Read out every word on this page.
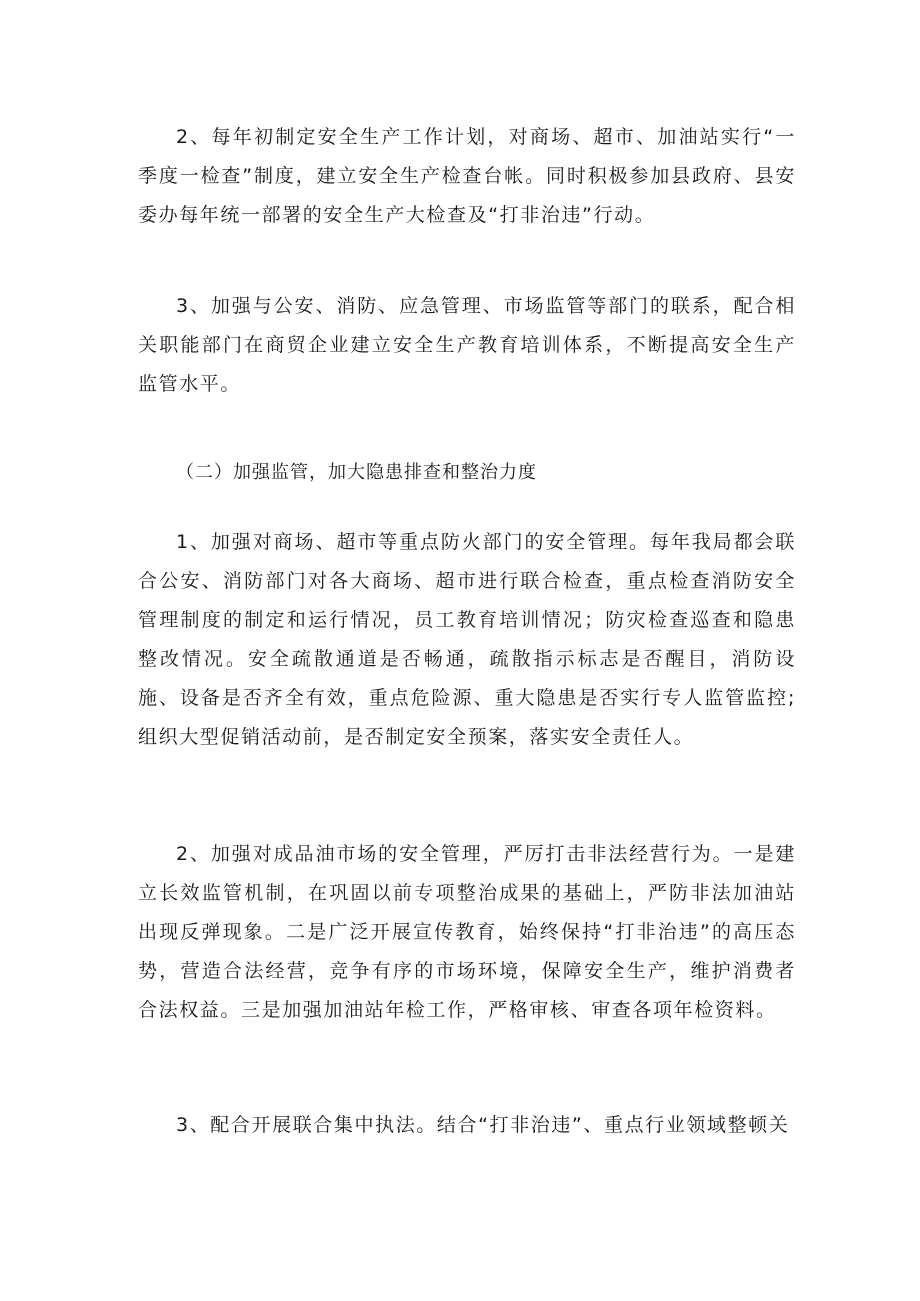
2、每年初制定安全生产工作计划，对商场、超市、加油站实行“一季度一检查”制度，建立安全生产检查台帐。同时积极参加县政府、县安委办每年统一部署的安全生产大检查及“打非治违”行动。

3、加强与公安、消防、应急管理、市场监管等部门的联系，配合相关职能部门在商贸企业建立安全生产教育培训体系，不断提高安全生产监管水平。

（二）加强监管，加大隐患排查和整治力度

1、加强对商场、超市等重点防火部门的安全管理。每年我局都会联合公安、消防部门对各大商场、超市进行联合检查，重点检查消防安全管理制度的制定和运行情况，员工教育培训情况；防灾检查巡查和隐患整改情况。安全疏散通道是否畅通，疏散指示标志是否醒目，消防设施、设备是否齐全有效，重点危险源、重大隐患是否实行专人监管监控;组织大型促销活动前，是否制定安全预案，落实安全责任人。

2、加强对成品油市场的安全管理，严厉打击非法经营行为。一是建立长效监管机制，在巩固以前专项整治成果的基础上，严防非法加油站出现反弹现象。二是广泛开展宣传教育，始终保持“打非治违”的高压态势，营造合法经营，竞争有序的市场环境，保障安全生产，维护消费者合法权益。三是加强加油站年检工作，严格审核、审查各项年检资料。

3、配合开展联合集中执法。结合“打非治违”、重点行业领域整顿关
